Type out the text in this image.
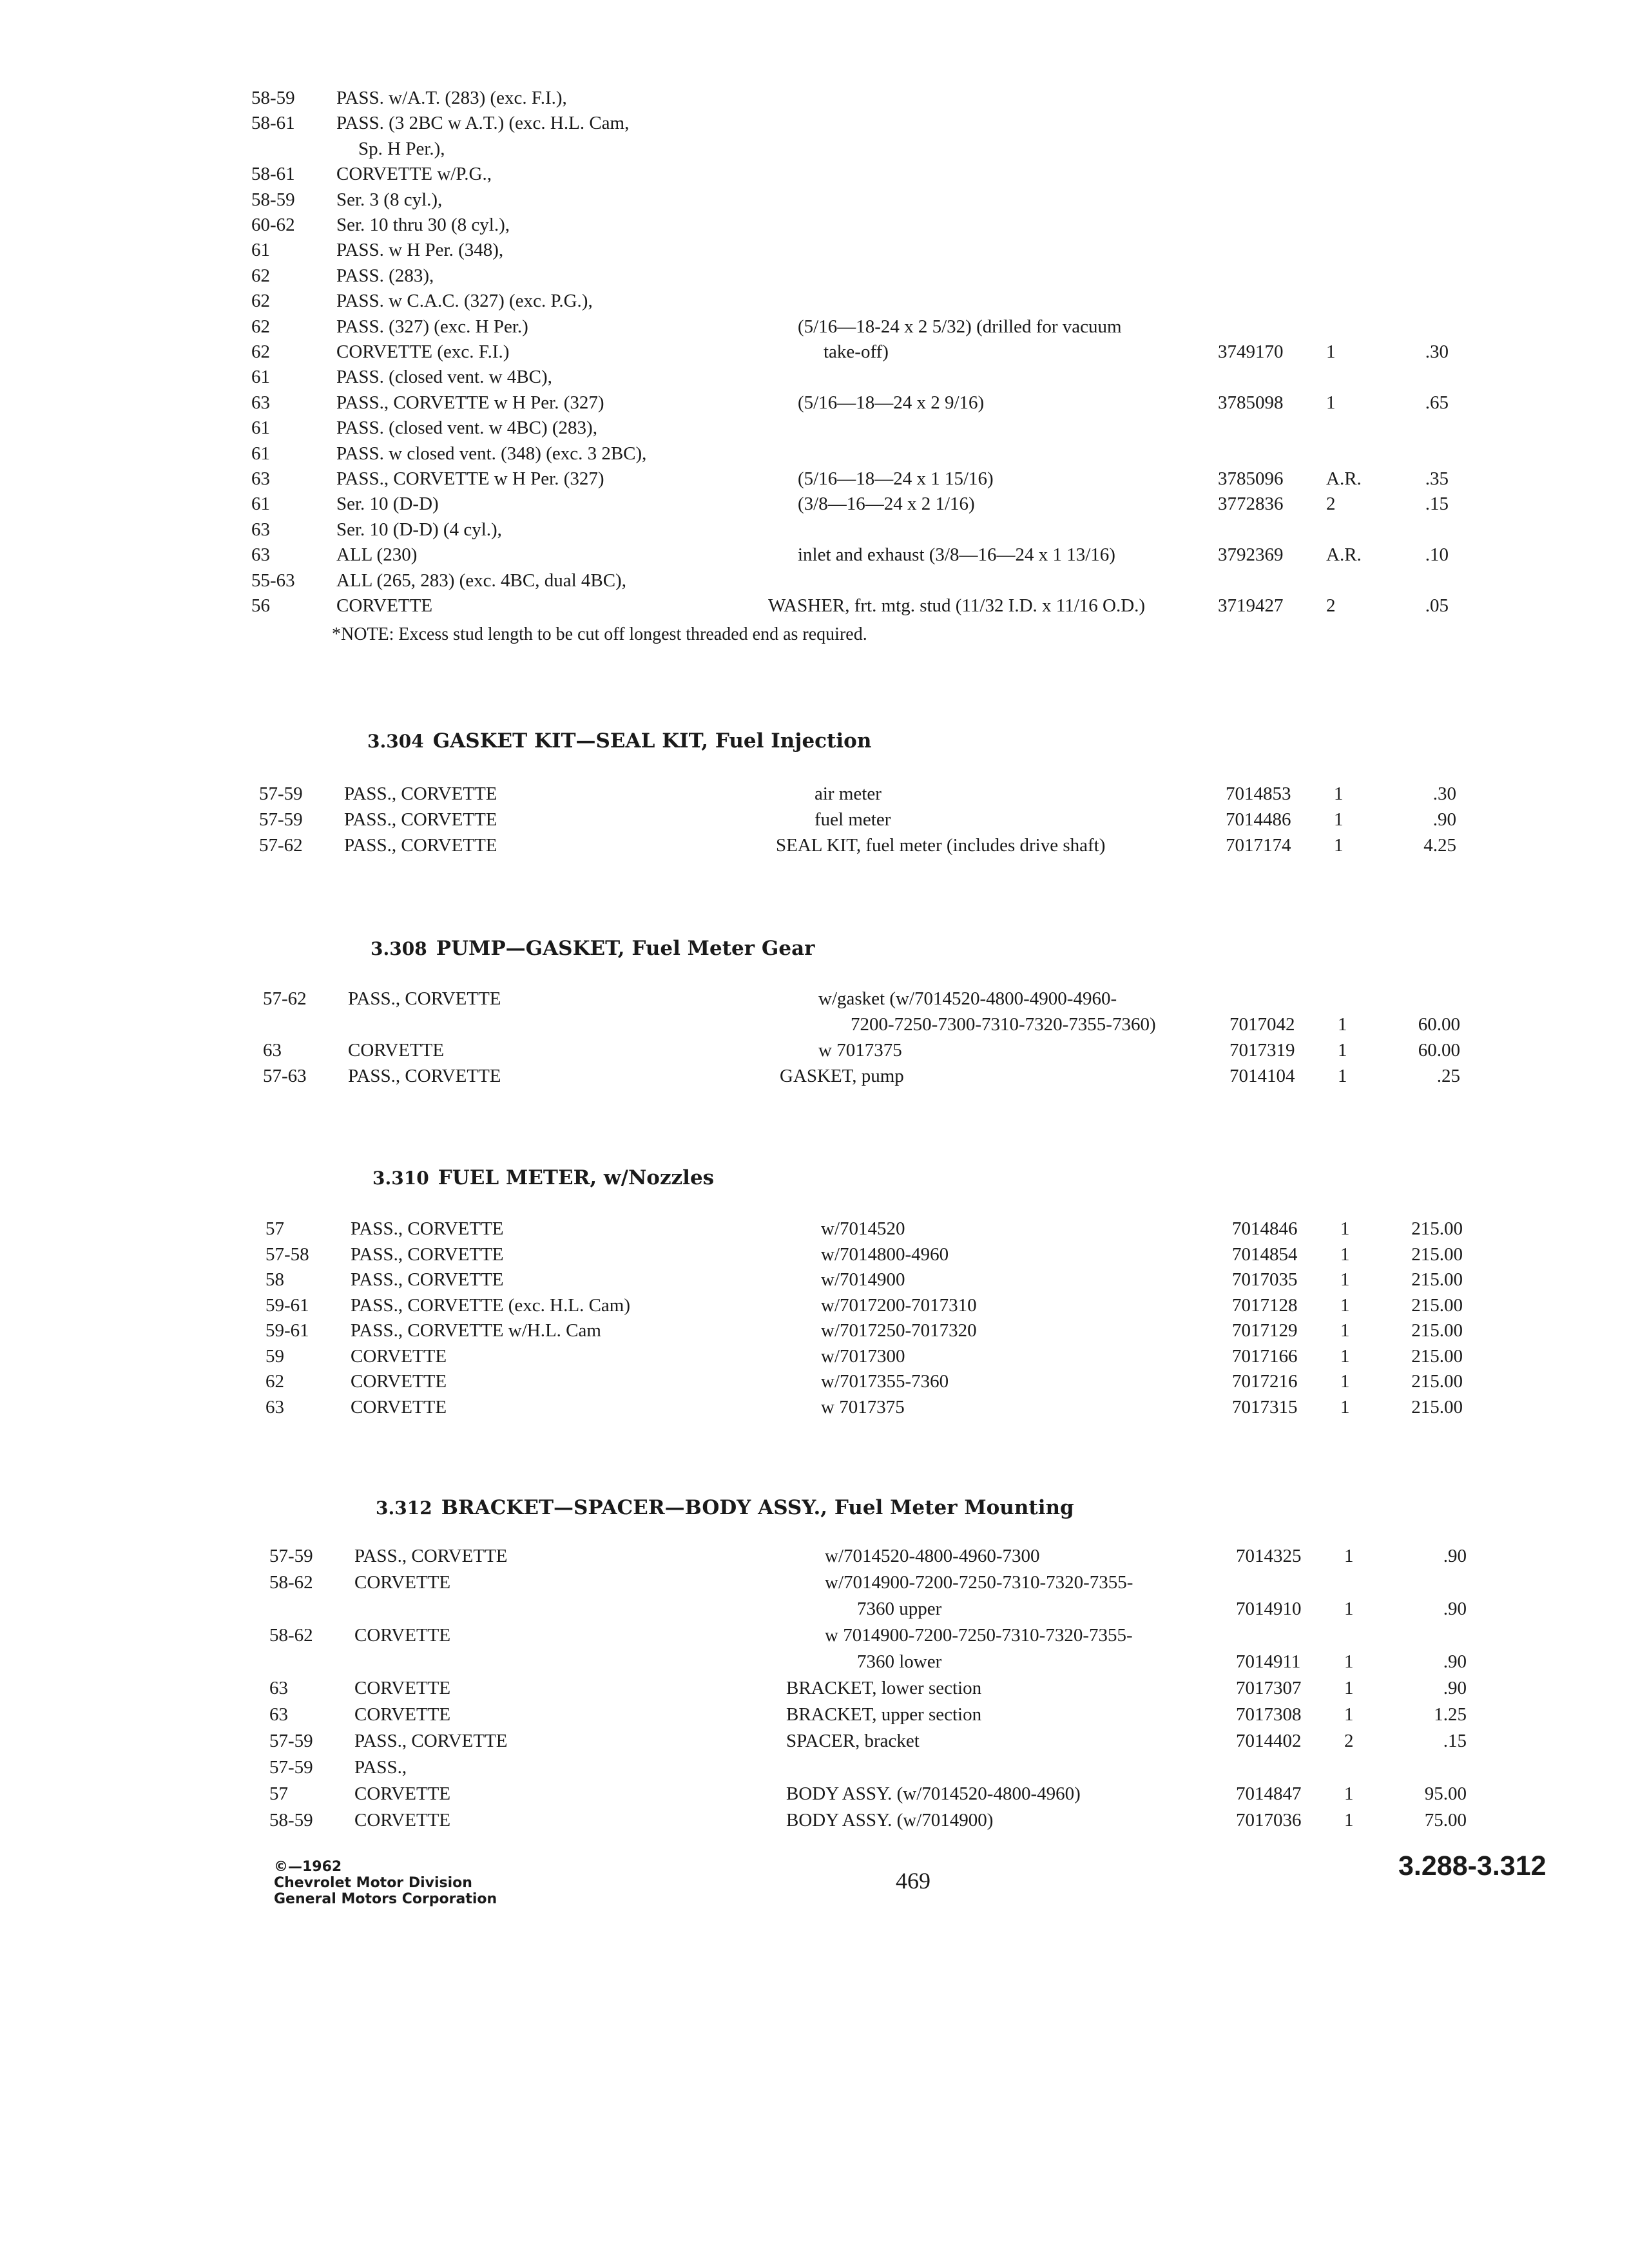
58-59 PASS. w/A.T. (283) (exc. F.I.),
58-61 PASS. (3 2BC w A.T.) (exc. H.L. Cam,
Sp. H Per.),
58-61 CORVETTE w/P.G.,
58-59 Ser. 3 (8 cyl.),
60-62 Ser. 10 thru 30 (8 cyl.),
61	PASS. w H Per. (348),
62	PASS. (283),
62	PASS. w C.A.C. (327) (exc. P.G.),
62	PASS. (327) (exc. H Per.)	(5/16—18-24 x 2 5/32) (drilled for vacuum
62	CORVETTE (exc. F.I.)	take-off)	3749170 1	.30
61	PASS. (closed vent. w 4BC),
63	PASS., CORVETTE w H Per. (327)	(5/16—18—24 x 2 9/16)	3785098 1	.65
61	PASS. (closed vent. w 4BC) (283),
61	PASS. w closed vent. (348) (exc. 3 2BC),
63	PASS., CORVETTE w H Per. (327)	(5/16—18—24 x 1 15/16)	3785096 A.R.	.35
61	Ser. 10 (D-D)	(3/8—16—24 x 2 1/16)	3772836 2	.15
63	Ser. 10 (D-D) (4 cyl.),
63	ALL (230)	inlet and exhaust (3/8—16—24 x 1 13/16)	3792369 A.R.	.10
55-63 ALL (265, 283) (exc. 4BC, dual 4BC),
56	CORVETTE	WASHER, frt. mtg. stud (11/32 I.D. x 11/16 O.D.)	3719427 2	.05
*NOTE: Excess stud length to be cut off longest threaded end as required.
3.304 GASKET KIT—SEAL KIT, Fuel Injection
57-59 PASS., CORVETTE	air meter	7014853 1	.30
57-59 PASS., CORVETTE	fuel meter	7014486 1	.90
57-62 PASS., CORVETTE	SEAL KIT, fuel meter (includes drive shaft)	7017174 1	4.25
3.308 PUMP—GASKET, Fuel Meter Gear
57-62 PASS., CORVETTE	w/gasket (w/7014520-4800-4900-4960-
7200-7250-7300-7310-7320-7355-7360)	7017042 1	60.00
63	CORVETTE	w 7017375	7017319 1	60.00
57-63 PASS., CORVETTE	GASKET, pump	7014104 1	.25
3.310 FUEL METER, w/Nozzles
57	PASS., CORVETTE	w/7014520	7014846 1	215.00
57-58 PASS., CORVETTE	w/7014800-4960	7014854 1	215.00
58	PASS., CORVETTE	w/7014900	7017035 1	215.00
59-61 PASS., CORVETTE (exc. H.L. Cam)	w/7017200-7017310	7017128 1	215.00
59-61 PASS., CORVETTE w/H.L. Cam	w/7017250-7017320	7017129 1	215.00
59	CORVETTE	w/7017300	7017166 1	215.00
62	CORVETTE	w/7017355-7360	7017216 1	215.00
63	CORVETTE	w 7017375	7017315 1	215.00
3.312 BRACKET—SPACER—BODY ASSY., Fuel Meter Mounting
57-59 PASS., CORVETTE	w/7014520-4800-4960-7300	7014325 1	.90
58-62 CORVETTE	w/7014900-7200-7250-7310-7320-7355-
7360 upper	7014910 1	.90
58-62 CORVETTE	w 7014900-7200-7250-7310-7320-7355-
7360 lower	7014911 1	.90
63	CORVETTE	BRACKET, lower section	7017307 1	.90
63	CORVETTE	BRACKET, upper section	7017308 1	1.25
57-59 PASS., CORVETTE	SPACER, bracket	7014402 2	.15
57-59 PASS.,
57	CORVETTE	BODY ASSY. (w/7014520-4800-4960)	7014847 1	95.00
58-59 CORVETTE	BODY ASSY. (w/7014900)	7017036 1	75.00
©—1962
Chevrolet Motor Division
General Motors Corporation
469	3.288-3.312
